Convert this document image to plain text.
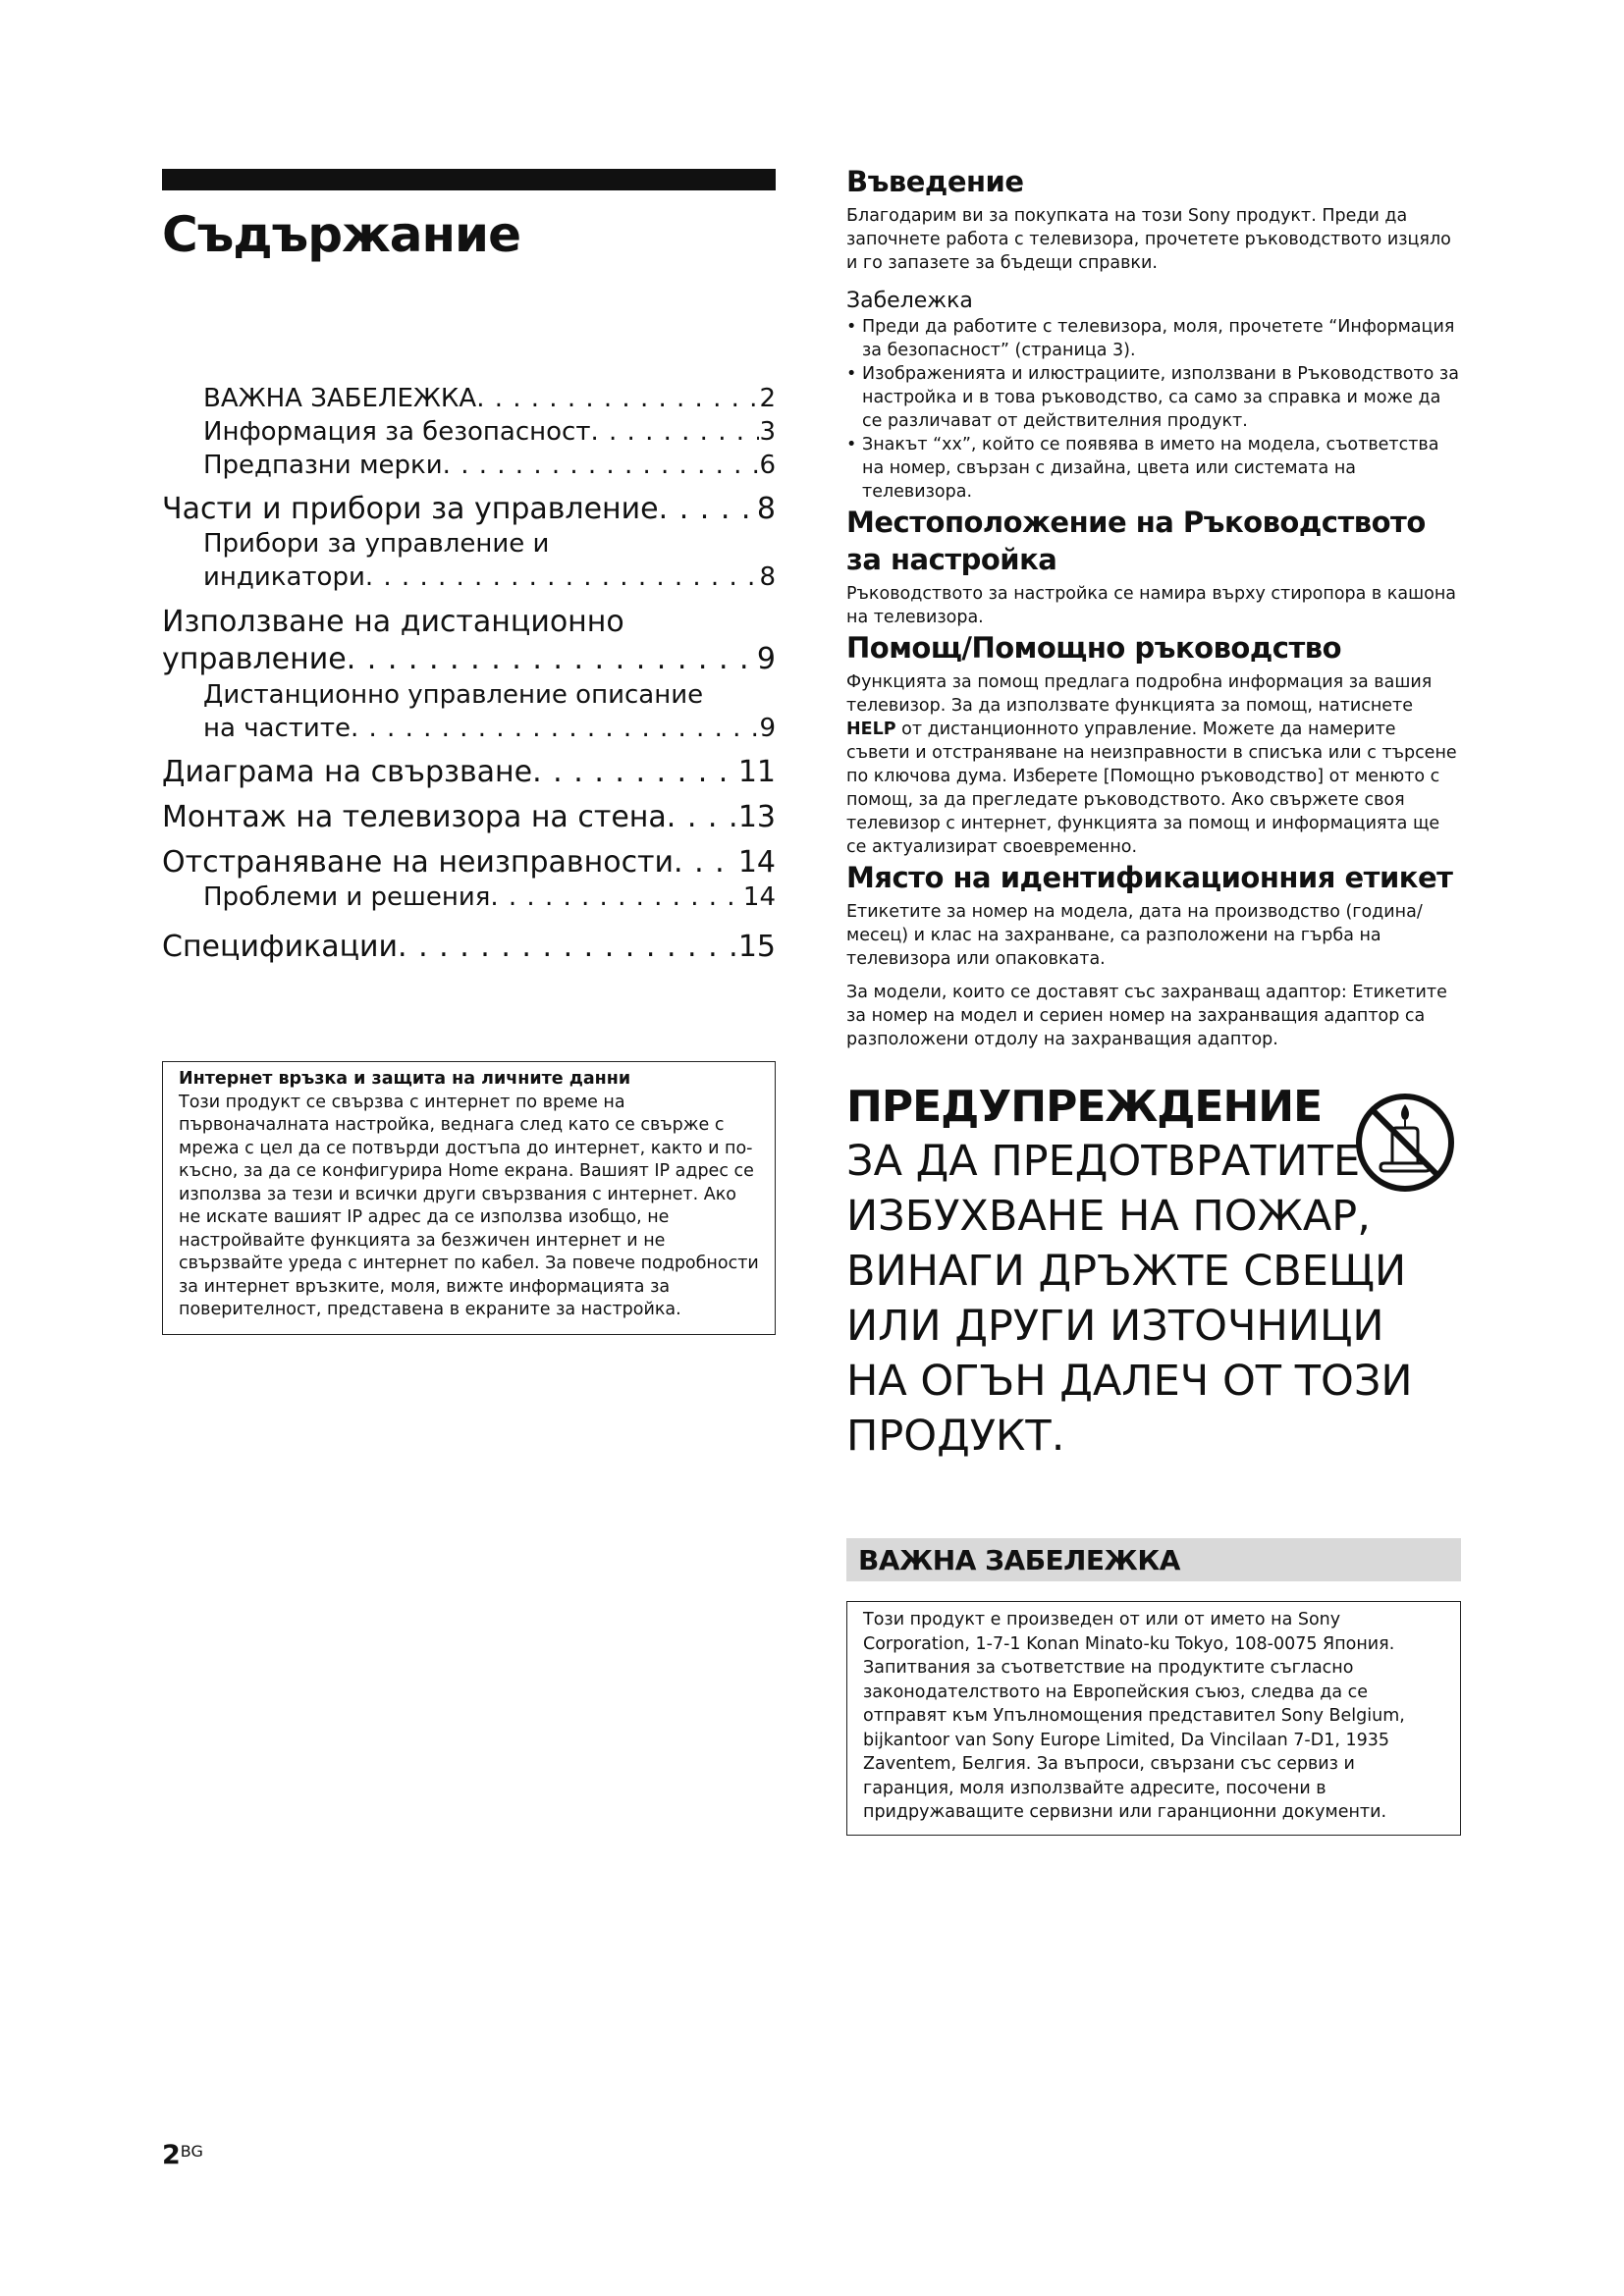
Съдържание
ВАЖНА ЗАБЕЛЕЖКА . . .	2
Информация за безопасност . . .	3
Предпазни мерки . . .	6
Части и прибори за управление . . .	8
Прибори за управление и
индикатори . . .	8
Използване на дистанционно
управление . . .	9
Дистанционно управление описание
на частите . . .	9
Диаграма на свързване . . .	11
Монтаж на телевизора на стена . . . 13
Отстраняване на неизправности . . . 14
Проблеми и решения . . .	14
Спецификации . . .	15
Интернет връзка и защита на личните данни
Този продукт се свързва с интернет по време на първоначалната настройка, веднага след като се свърже с мрежа с цел да се потвърди достъпа до интернет, както и по-късно, за да се конфигурира Home екрана. Вашият IP адрес се използва за тези и всички други свързвания с интернет. Ако не искате вашият IP адрес да се използва изобщо, не настройвайте функцията за безжичен интернет и не свързвайте уреда с интернет по кабел. За повече подробности за интернет връзките, моля, вижте информацията за поверителност, представена в екраните за настройка.
Въведение

Благодарим ви за покупката на този Sony продукт. Преди да започнете работа с телевизора, прочетете ръководството изцяло и го запазете за бъдещи справки.

Забележка
• Преди да работите с телевизора, моля, прочетете “Информация за безопасност” (страница 3).
• Изображенията и илюстрациите, използвани в Ръководството за настройка и в това ръководство, са само за справка и може да се различават от действителния продукт.
• Знакът “xx”, който се появява в името на модела, съответства на номер, свързан с дизайна, цвета или системата на телевизора.
Местоположение на Ръководството за настройка

Ръководството за настройка се намира върху стиропора в кашона на телевизора.

Помощ/Помощно ръководство

Функцията за помощ предлага подробна информация за вашия телевизор. За да използвате функцията за помощ, натиснете HELP от дистанционното управление. Можете да намерите съвети и отстраняване на неизправности в списъка или с търсене по ключова дума. Изберете [Помощно ръководство] от менюто с помощ, за да прегледате ръководството. Ако свържете своя телевизор с интернет, функцията за помощ и информацията ще се актуализират своевременно.

Място на идентификационния етикет

Етикетите за номер на модела, дата на производство (година/месец) и клас на захранване, са разположени на гърба на телевизора или опаковката.

За модели, които се доставят със захранващ адаптор: Етикетите за номер на модел и сериен номер на захранващия адаптор са разположени отдолу на захранващия адаптор.

ПРЕДУПРЕЖДЕНИЕ
ЗА ДА ПРЕДОТВРАТИТЕ ИЗБУХВАНЕ НА ПОЖАР, ВИНАГИ ДРЪЖТЕ СВЕЩИ ИЛИ ДРУГИ ИЗТОЧНИЦИ НА ОГЪН ДАЛЕЧ ОТ ТОЗИ ПРОДУКТ.
ВАЖНА ЗАБЕЛЕЖКА
Този продукт е произведен от или от името на Sony Corporation, 1-7-1 Konan Minato-ku Tokyo, 108-0075 Япония. Запитвания за съответствие на продуктите съгласно законодателството на Европейския съюз, следва да се отправят към Упълномощения представител Sony Belgium, bijkantoor van Sony Europe Limited, Da Vincilaan 7-D1, 1935 Zaventem, Белгия. За въпроси, свързани със сервиз и гаранция, моля използвайте адресите, посочени в придружаващите сервизни или гаранционни документи.
2BG
